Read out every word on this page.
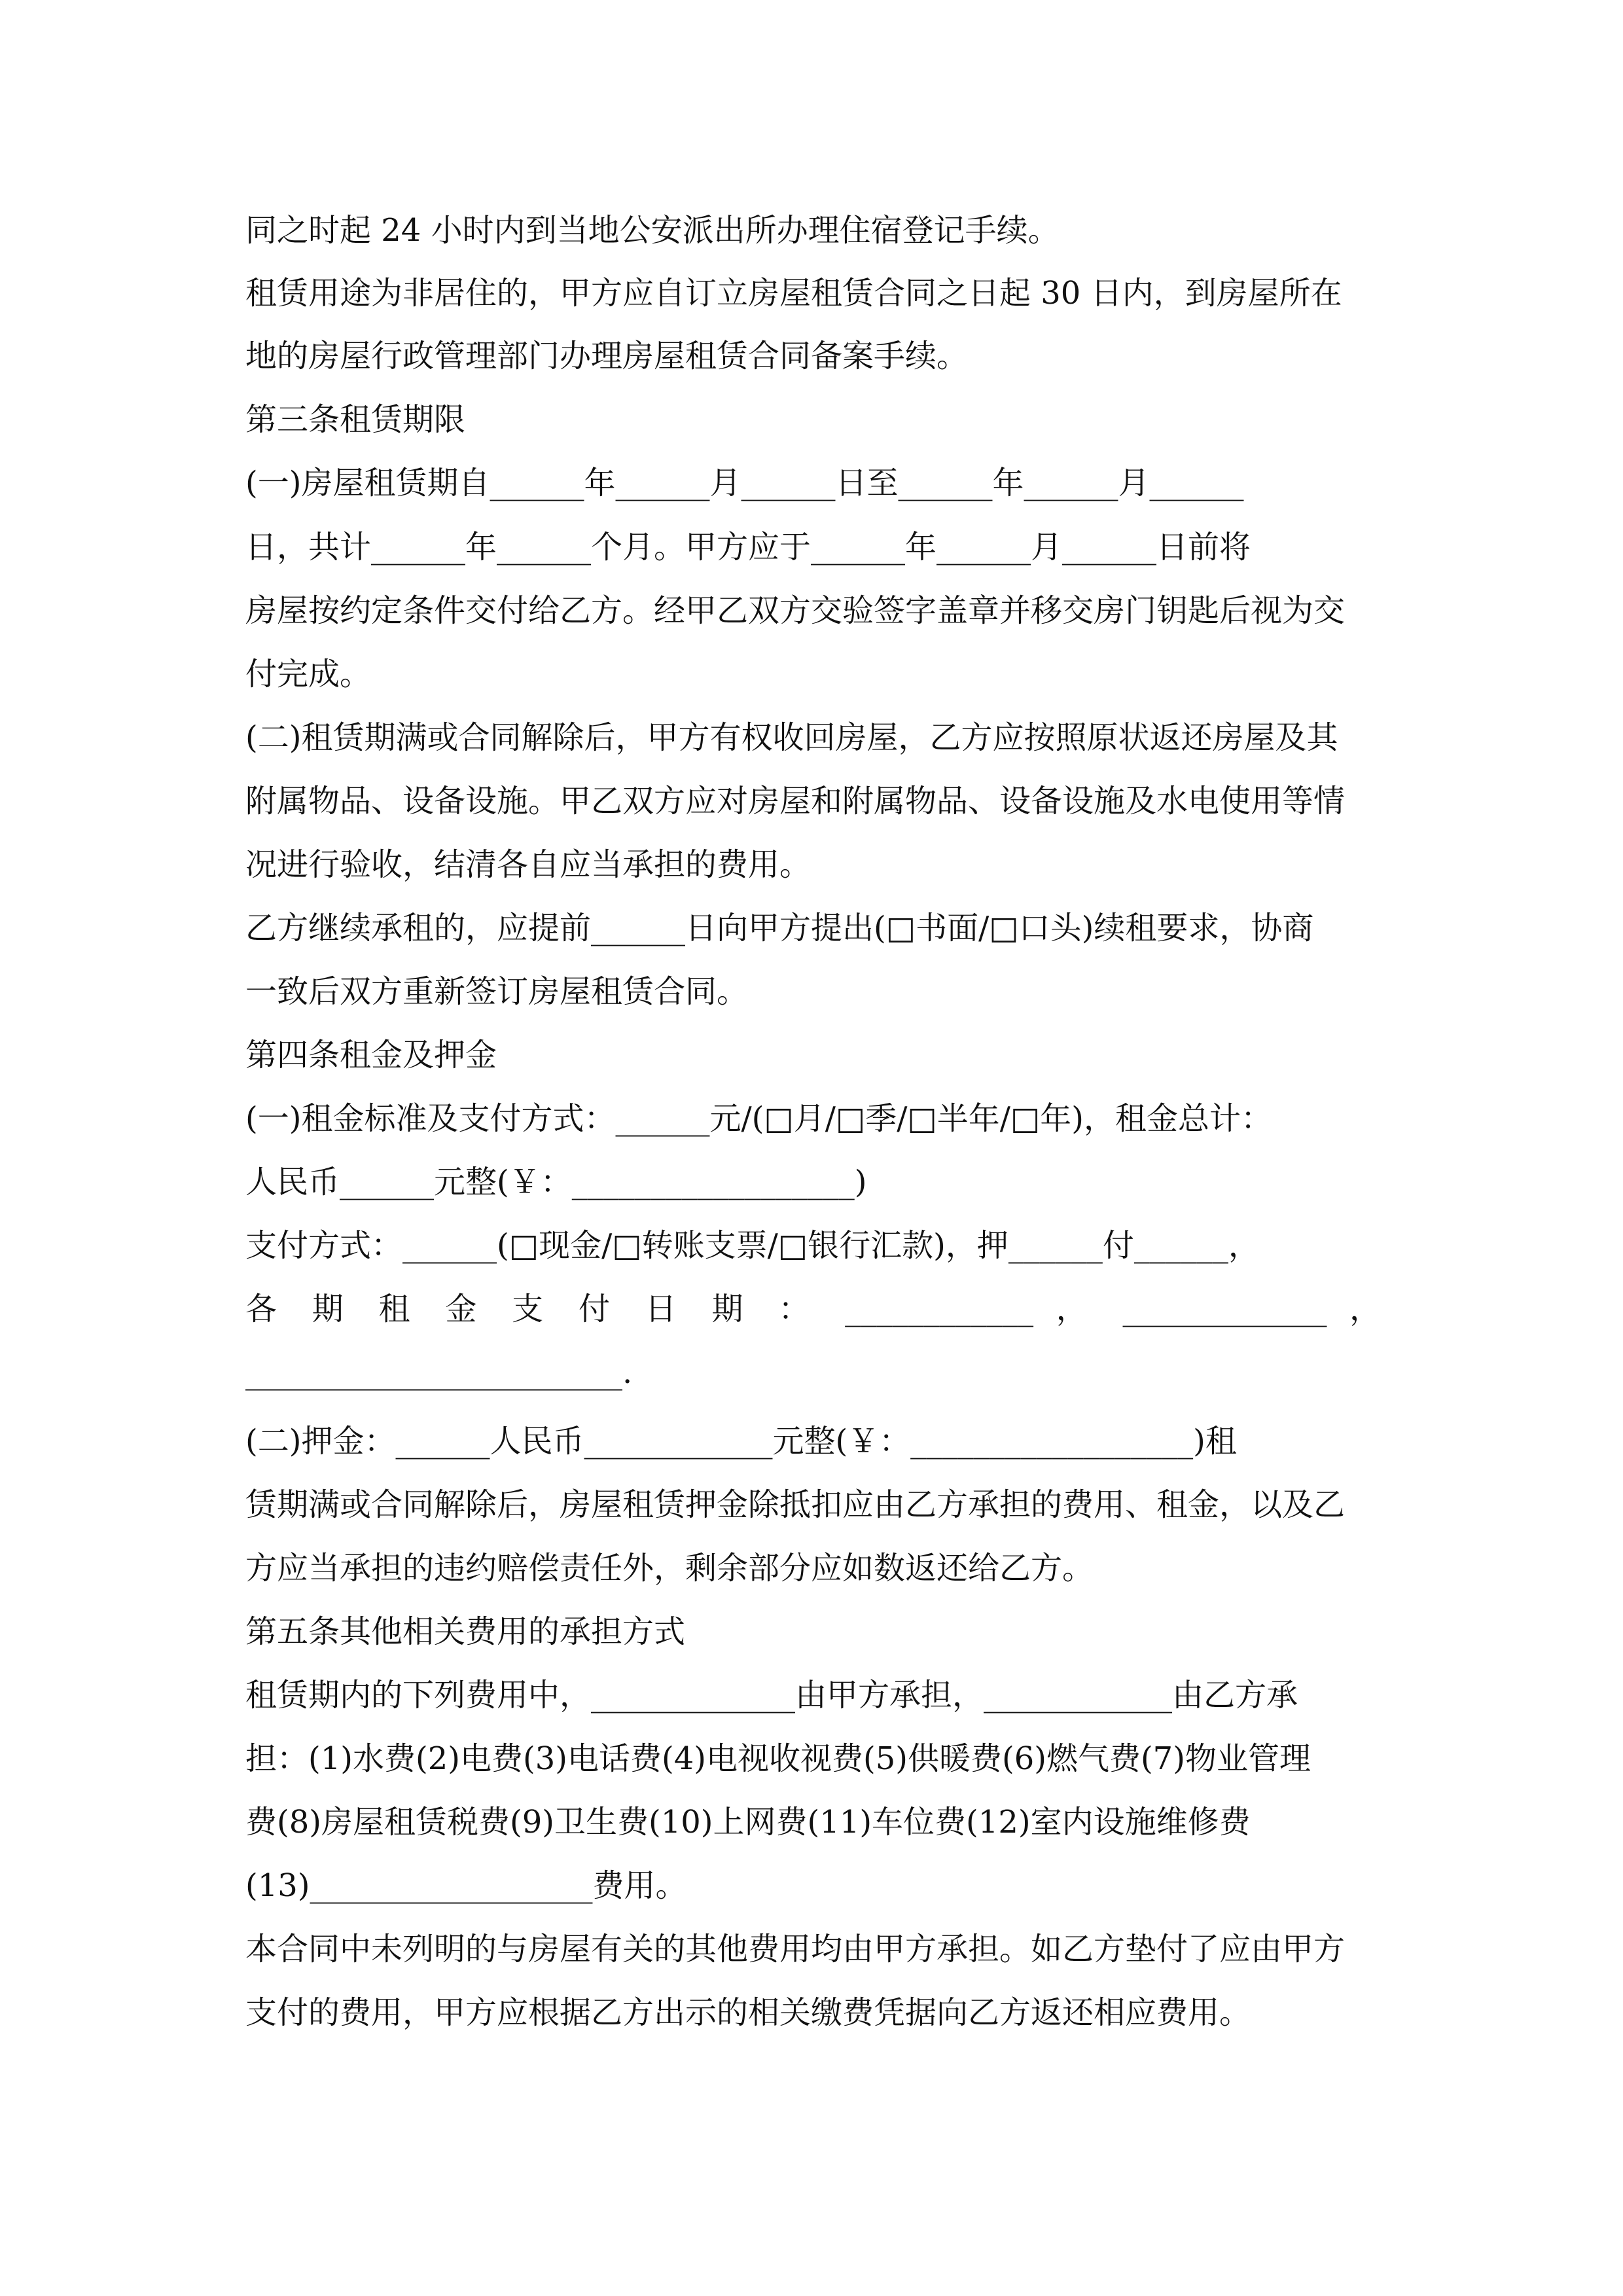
同之时起 24 小时内到当地公安派出所办理住宿登记手续。
租赁用途为非居住的，甲方应自订立房屋租赁合同之日起 30 日内，到房屋所在
地的房屋行政管理部门办理房屋租赁合同备案手续。
第三条租赁期限
(一)房屋租赁期自______年______月______日至______年______月______
日，共计______年______个月。甲方应于______年______月______日前将
房屋按约定条件交付给乙方。经甲乙双方交验签字盖章并移交房门钥匙后视为交
付完成。
(二)租赁期满或合同解除后，甲方有权收回房屋，乙方应按照原状返还房屋及其
附属物品、设备设施。甲乙双方应对房屋和附属物品、设备设施及水电使用等情
况进行验收，结清各自应当承担的费用。
乙方继续承租的，应提前______日向甲方提出(□书面/□口头)续租要求，协商
一致后双方重新签订房屋租赁合同。
第四条租金及押金
(一)租金标准及支付方式：______元/(□月/□季/□半年/□年)，租金总计：
人民币______元整(￥：__________________)
支付方式：______(□现金/□转账支票/□银行汇款)，押______付______，
各 期 租 金 支 付 日 期 ： ____________ ， _____________ ，
________________________.
(二)押金：______人民币____________元整(￥：__________________)租
赁期满或合同解除后，房屋租赁押金除抵扣应由乙方承担的费用、租金，以及乙
方应当承担的违约赔偿责任外，剩余部分应如数返还给乙方。
第五条其他相关费用的承担方式
租赁期内的下列费用中，_____________由甲方承担，____________由乙方承
担：(1)水费(2)电费(3)电话费(4)电视收视费(5)供暖费(6)燃气费(7)物业管理
费(8)房屋租赁税费(9)卫生费(10)上网费(11)车位费(12)室内设施维修费
(13)__________________费用。
本合同中未列明的与房屋有关的其他费用均由甲方承担。如乙方垫付了应由甲方
支付的费用，甲方应根据乙方出示的相关缴费凭据向乙方返还相应费用。
